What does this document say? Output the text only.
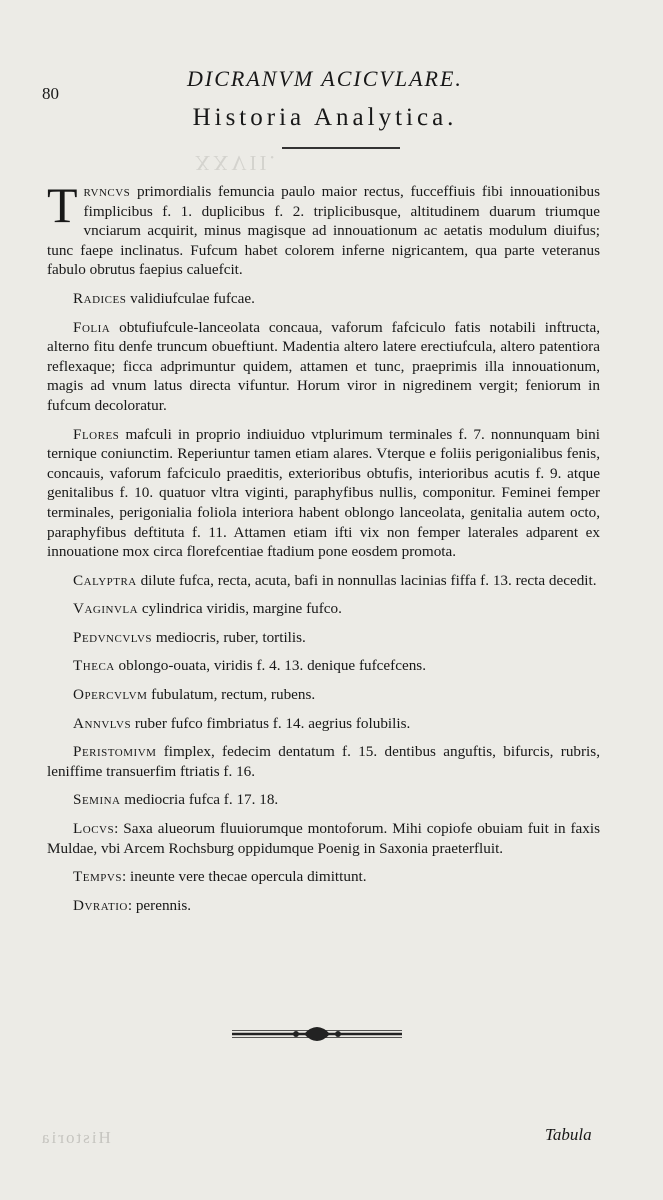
80
DICRANVM ACICVLARE.
Historia Analytica.
XXVII.

Trvncvs primordialis femuncia paulo maior rectus, fucceffiuis fibi innouationibus fimplicibus f. 1. duplicibus f. 2. triplicibusque, altitudinem duarum triumque vnciarum acquirit, minus magisque ad innouationum ac aetatis modulum diuifus; tunc faepe inclinatus. Fufcum habet colorem inferne nigricantem, qua parte veteranus fabulo obrutus faepius caluefcit.

Radices validiufculae fufcae.

Folia obtufiufcule-lanceolata concaua, vaforum fafciculo fatis notabili inftructa, alterno fitu denfe truncum obueftiunt. Madentia altero latere erectiufcula, altero patentiora reflexaque; ficca adprimuntur quidem, attamen et tunc, praeprimis illa innouationum, magis ad vnum latus directa vifuntur. Horum viror in nigredinem vergit; feniorum in fufcum decoloratur.

Flores mafculi in proprio indiuiduo vtplurimum terminales f. 7. nonnunquam bini ternique coniunctim. Reperiuntur tamen etiam alares. Vterque e foliis perigonialibus fenis, concauis, vaforum fafciculo praeditis, exterioribus obtufis, interioribus acutis f. 9. atque genitalibus f. 10. quatuor vltra viginti, paraphyfibus nullis, componitur. Feminei femper terminales, perigonialia foliola interiora habent oblongo lanceolata, genitalia autem octo, paraphyfibus deftituta f. 11. Attamen etiam ifti vix non femper laterales adparent ex innouatione mox circa florefcentiae ftadium pone eosdem promota.

Calyptra dilute fufca, recta, acuta, bafi in nonnullas lacinias fiffa f. 13. recta decedit.

Vaginvla cylindrica viridis, margine fufco.

Pedvncvlvs mediocris, ruber, tortilis.

Theca oblongo-ouata, viridis f. 4. 13. denique fufcefcens.

Opercvlvm fubulatum, rectum, rubens.

Annvlvs ruber fufco fimbriatus f. 14. aegrius folubilis.

Peristomivm fimplex, fedecim dentatum f. 15. dentibus anguftis, bifurcis, rubris, leniffime transuerfim ftriatis f. 16.

Semina mediocria fufca f. 17. 18.

Locvs: Saxa alueorum fluuiorumque montoforum. Mihi copiofe obuiam fuit in faxis Muldae, vbi Arcem Rochsburg oppidumque Poenig in Saxonia praeterfluit.

Tempvs: ineunte vere thecae opercula dimittunt.

Dvratio: perennis.

Historia	Tabula
